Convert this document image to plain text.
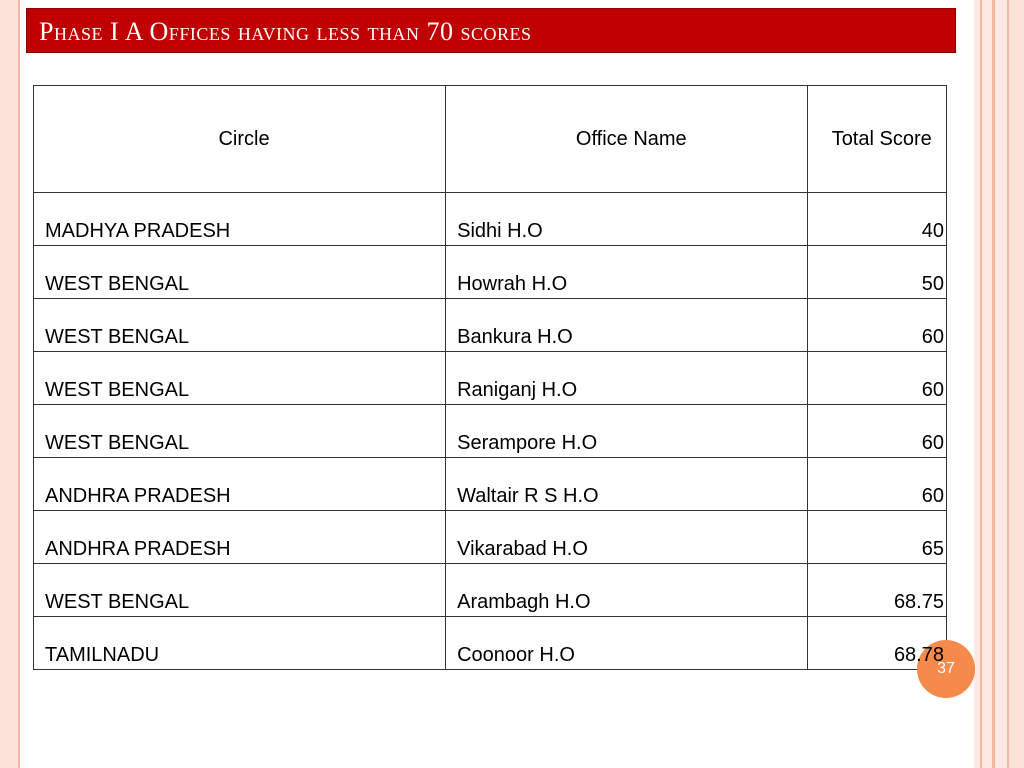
Phase I A Offices having less than 70 scores
Circle	Office Name	Total Score
MADHYA PRADESH	Sidhi H.O	40
WEST BENGAL	Howrah H.O	50
WEST BENGAL	Bankura H.O	60
WEST BENGAL	Raniganj H.O	60
WEST BENGAL	Serampore H.O	60
ANDHRA PRADESH	Waltair R S H.O	60
ANDHRA PRADESH	Vikarabad H.O	65
WEST BENGAL	Arambagh H.O	68.75
TAMILNADU	Coonoor H.O	68.78
37
